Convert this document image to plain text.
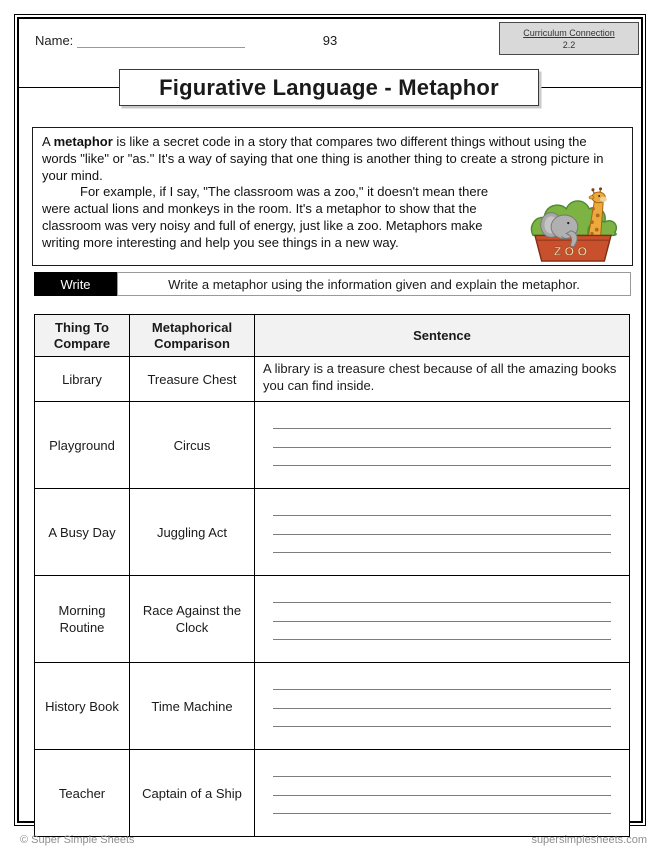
93
Name:	Curriculum Connection
2.2
Figurative Language - Metaphor

A metaphor is like a secret code in a story that compares two different things without using the words "like" or "as." It's a way of saying that one thing is another thing to create a strong picture in your mind.

ZOO

For example, if I say, "The classroom was a zoo," it doesn't mean there were actual lions and monkeys in the room. It's a metaphor to show that the classroom was very noisy and full of energy, just like a zoo. Metaphors make writing more interesting and help you see things in a new way.

Write	Write a metaphor using the information given and explain the metaphor.
Thing To Compare	Metaphorical Comparison	Sentence
Library	Treasure Chest	A library is a treasure chest because of all the amazing books you can find inside.
Playground	Circus	

A Busy Day	Juggling Act	

Morning Routine	Race Against the Clock	

History Book	Time Machine	

Teacher	Captain of a Ship	
© Super Simple Sheets	supersimplesheets.com
